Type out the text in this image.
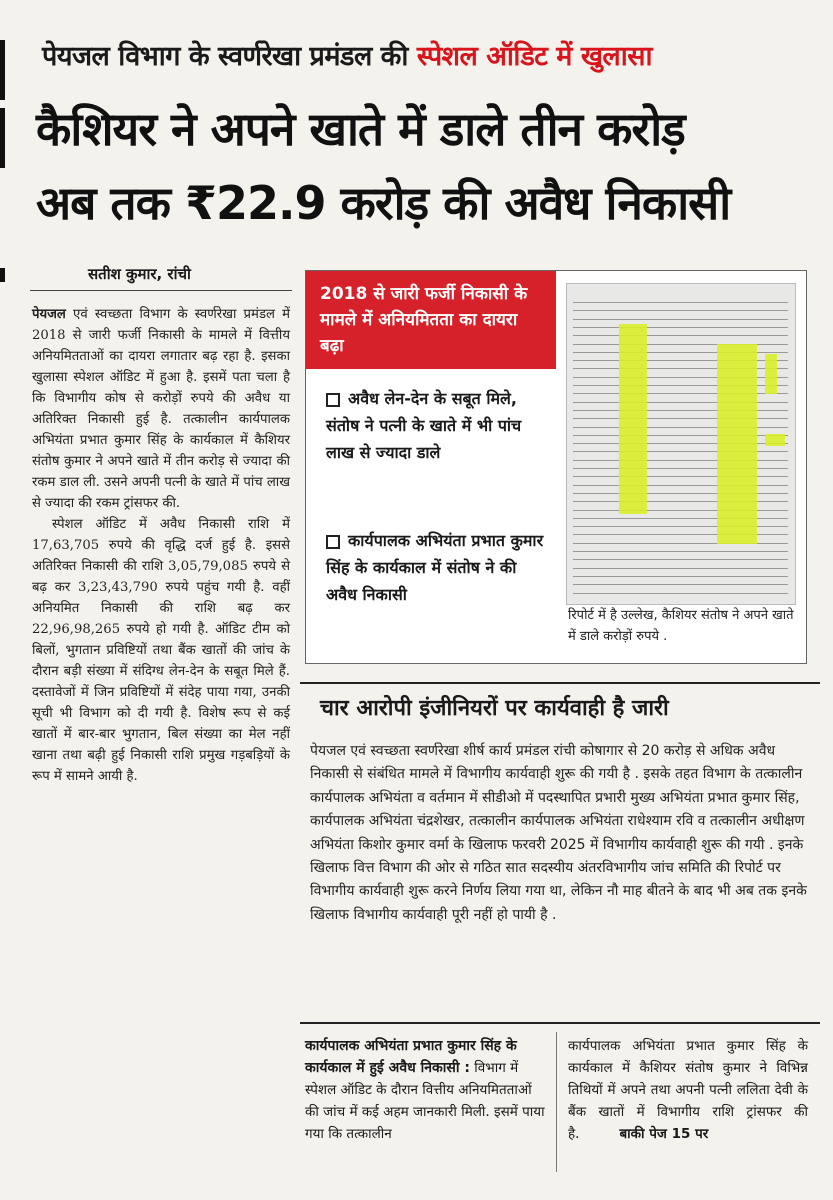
पेयजल विभाग के स्वर्णरेखा प्रमंडल की स्पेशल ऑडिट में खुलासा
कैशियर ने अपने खाते में डाले तीन करोड़
अब तक ₹22.9 करोड़ की अवैध निकासी
सतीश कुमार, रांची

पेयजल एवं स्वच्छता विभाग के स्वर्णरेखा प्रमंडल में 2018 से जारी फर्जी निकासी के मामले में वित्तीय अनियमितताओं का दायरा लगातार बढ़ रहा है. इसका खुलासा स्पेशल ऑडिट में हुआ है. इसमें पता चला है कि विभागीय कोष से करोड़ों रुपये की अवैध या अतिरिक्त निकासी हुई है. तत्कालीन कार्यपालक अभियंता प्रभात कुमार सिंह के कार्यकाल में कैशियर संतोष कुमार ने अपने खाते में तीन करोड़ से ज्यादा की रकम डाल ली. उसने अपनी पत्नी के खाते में पांच लाख से ज्यादा की रकम ट्रांसफर की.

स्पेशल ऑडिट में अवैध निकासी राशि में 17,63,705 रुपये की वृद्धि दर्ज हुई है. इससे अतिरिक्त निकासी की राशि 3,05,79,085 रुपये से बढ़ कर 3,23,43,790 रुपये पहुंच गयी है. वहीं अनियमित निकासी की राशि बढ़ कर 22,96,98,265 रुपये हो गयी है. ऑडिट टीम को बिलों, भुगतान प्रविष्टियों तथा बैंक खातों की जांच के दौरान बड़ी संख्या में संदिग्ध लेन-देन के सबूत मिले हैं. दस्तावेजों में जिन प्रविष्टियों में संदेह पाया गया, उनकी सूची भी विभाग को दी गयी है. विशेष रूप से कई खातों में बार-बार भुगतान, बिल संख्या का मेल नहीं खाना तथा बढ़ी हुई निकासी राशि प्रमुख गड़बड़ियों के रूप में सामने आयी है.

2018 से जारी फर्जी निकासी के मामले में अनियमितता का दायरा बढ़ा
अवैध लेन-देन के सबूत मिले, संतोष ने पत्नी के खाते में भी पांच लाख से ज्यादा डाले
कार्यपालक अभियंता प्रभात कुमार सिंह के कार्यकाल में संतोष ने की अवैध निकासी
रिपोर्ट में है उल्लेख, कैशियर संतोष ने अपने खाते में डाले करोड़ों रुपये .
चार आरोपी इंजीनियरों पर कार्यवाही है जारी
पेयजल एवं स्वच्छता स्वर्णरेखा शीर्ष कार्य प्रमंडल रांची कोषागार से 20 करोड़ से अधिक अवैध निकासी से संबंधित मामले में विभागीय कार्यवाही शुरू की गयी है . इसके तहत विभाग के तत्कालीन कार्यपालक अभियंता व वर्तमान में सीडीओ में पदस्थापित प्रभारी मुख्य अभियंता प्रभात कुमार सिंह, कार्यपालक अभियंता चंद्रशेखर, तत्कालीन कार्यपालक अभियंता राधेश्याम रवि व तत्कालीन अधीक्षण अभियंता किशोर कुमार वर्मा के खिलाफ फरवरी 2025 में विभागीय कार्यवाही शुरू की गयी . इनके खिलाफ वित्त विभाग की ओर से गठित सात सदस्यीय अंतरविभागीय जांच समिति की रिपोर्ट पर विभागीय कार्यवाही शुरू करने निर्णय लिया गया था, लेकिन नौ माह बीतने के बाद भी अब तक इनके खिलाफ विभागीय कार्यवाही पूरी नहीं हो पायी है .
कार्यपालक अभियंता प्रभात कुमार सिंह के कार्यकाल में हुई अवैध निकासी : विभाग में स्पेशल ऑडिट के दौरान वित्तीय अनियमितताओं की जांच में कई अहम जानकारी मिली. इसमें पाया गया कि तत्कालीन
कार्यपालक अभियंता प्रभात कुमार सिंह के कार्यकाल में कैशियर संतोष कुमार ने विभिन्न तिथियों में अपने तथा अपनी पत्नी ललिता देवी के बैंक खातों में विभागीय राशि ट्रांसफर की है.	बाकी पेज 15 पर
